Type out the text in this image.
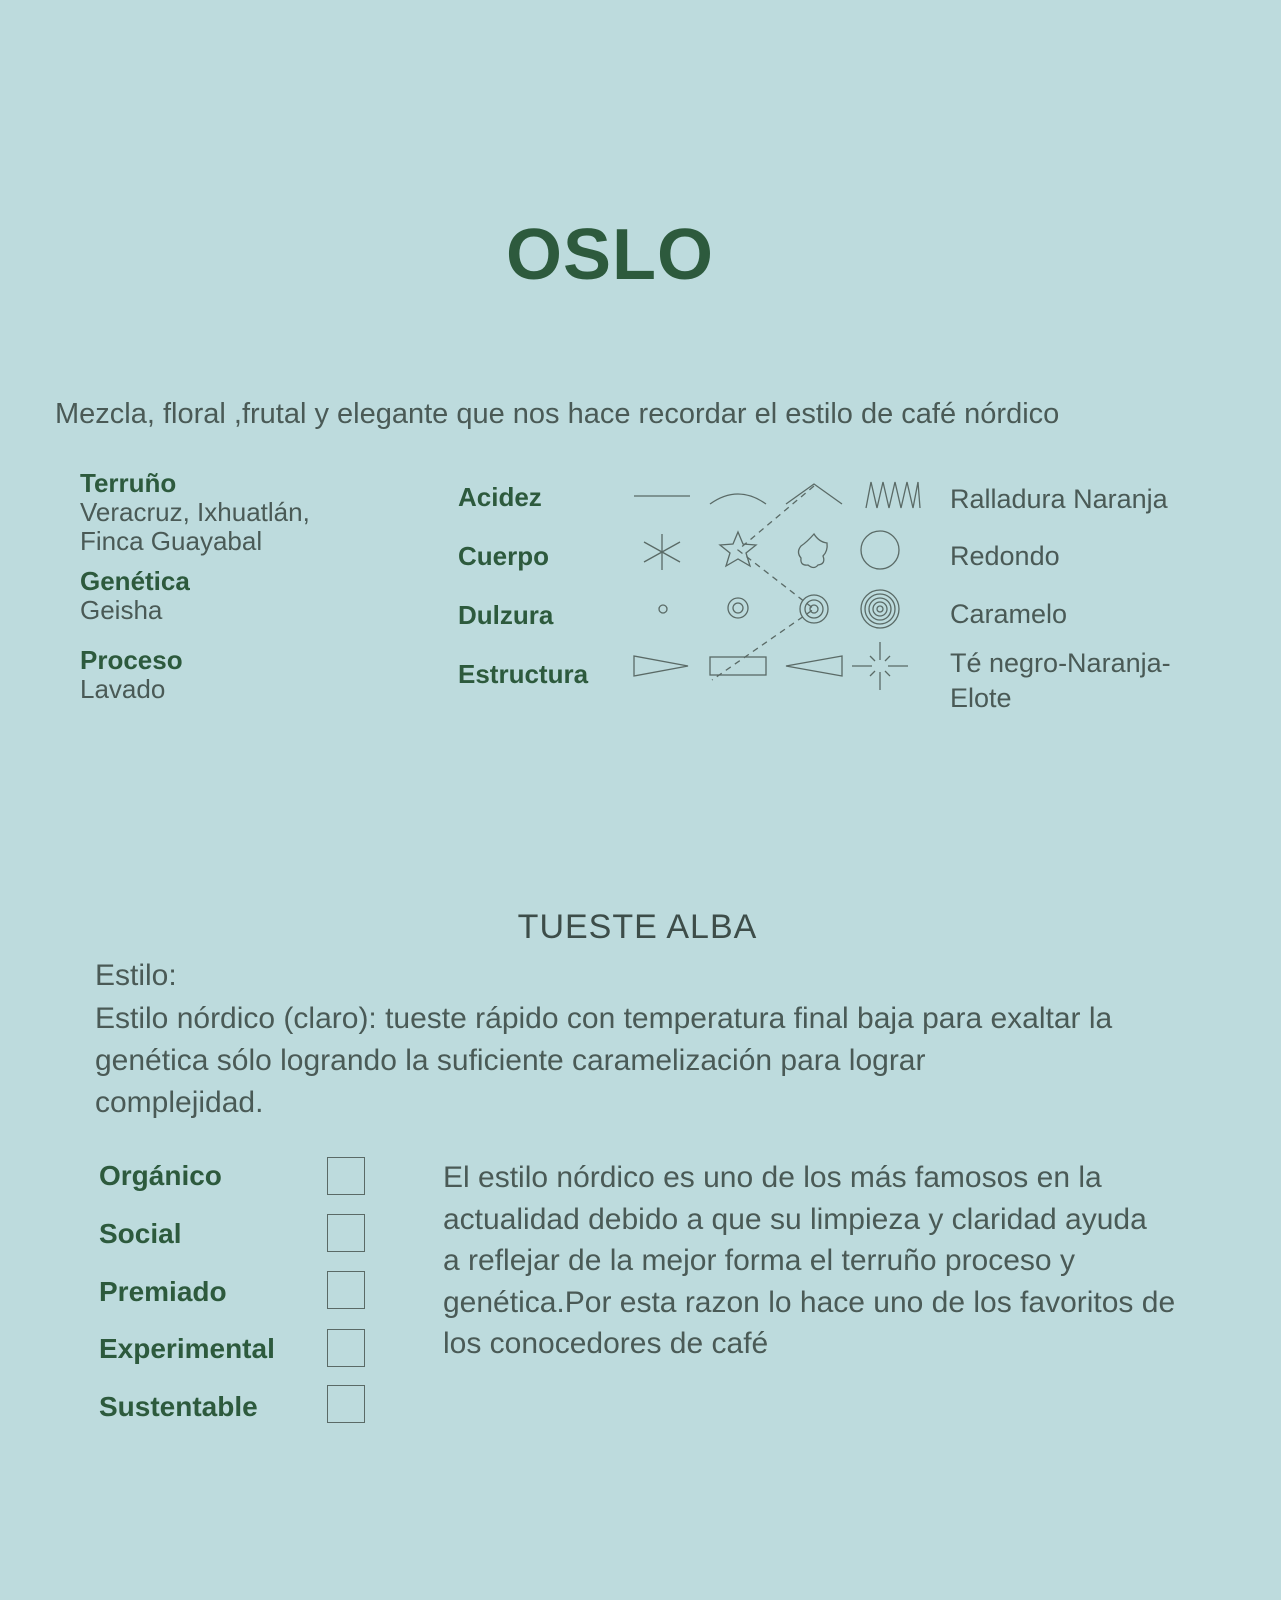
OSLO
Mezcla, floral ,frutal y elegante que nos hace recordar el estilo de café nórdico
Terruño
Veracruz, Ixhuatlán,
Finca Guayabal
Genética
Geisha
Proceso
Lavado
Acidez
Cuerpo
Dulzura
Estructura
Ralladura Naranja
Redondo
Caramelo
Té negro-Naranja-
Elote
TUESTE ALBA
Estilo:
Estilo nórdico (claro): tueste rápido con temperatura final baja para exaltar la
genética sólo logrando la suficiente caramelización para lograr
complejidad.
Orgánico
Social
Premiado
Experimental
Sustentable
El estilo nórdico es uno de los más famosos en la
actualidad debido a que su limpieza y claridad ayuda
a reflejar de la mejor forma el terruño proceso y
genética.Por esta razon lo hace uno de los favoritos de
los conocedores de café
